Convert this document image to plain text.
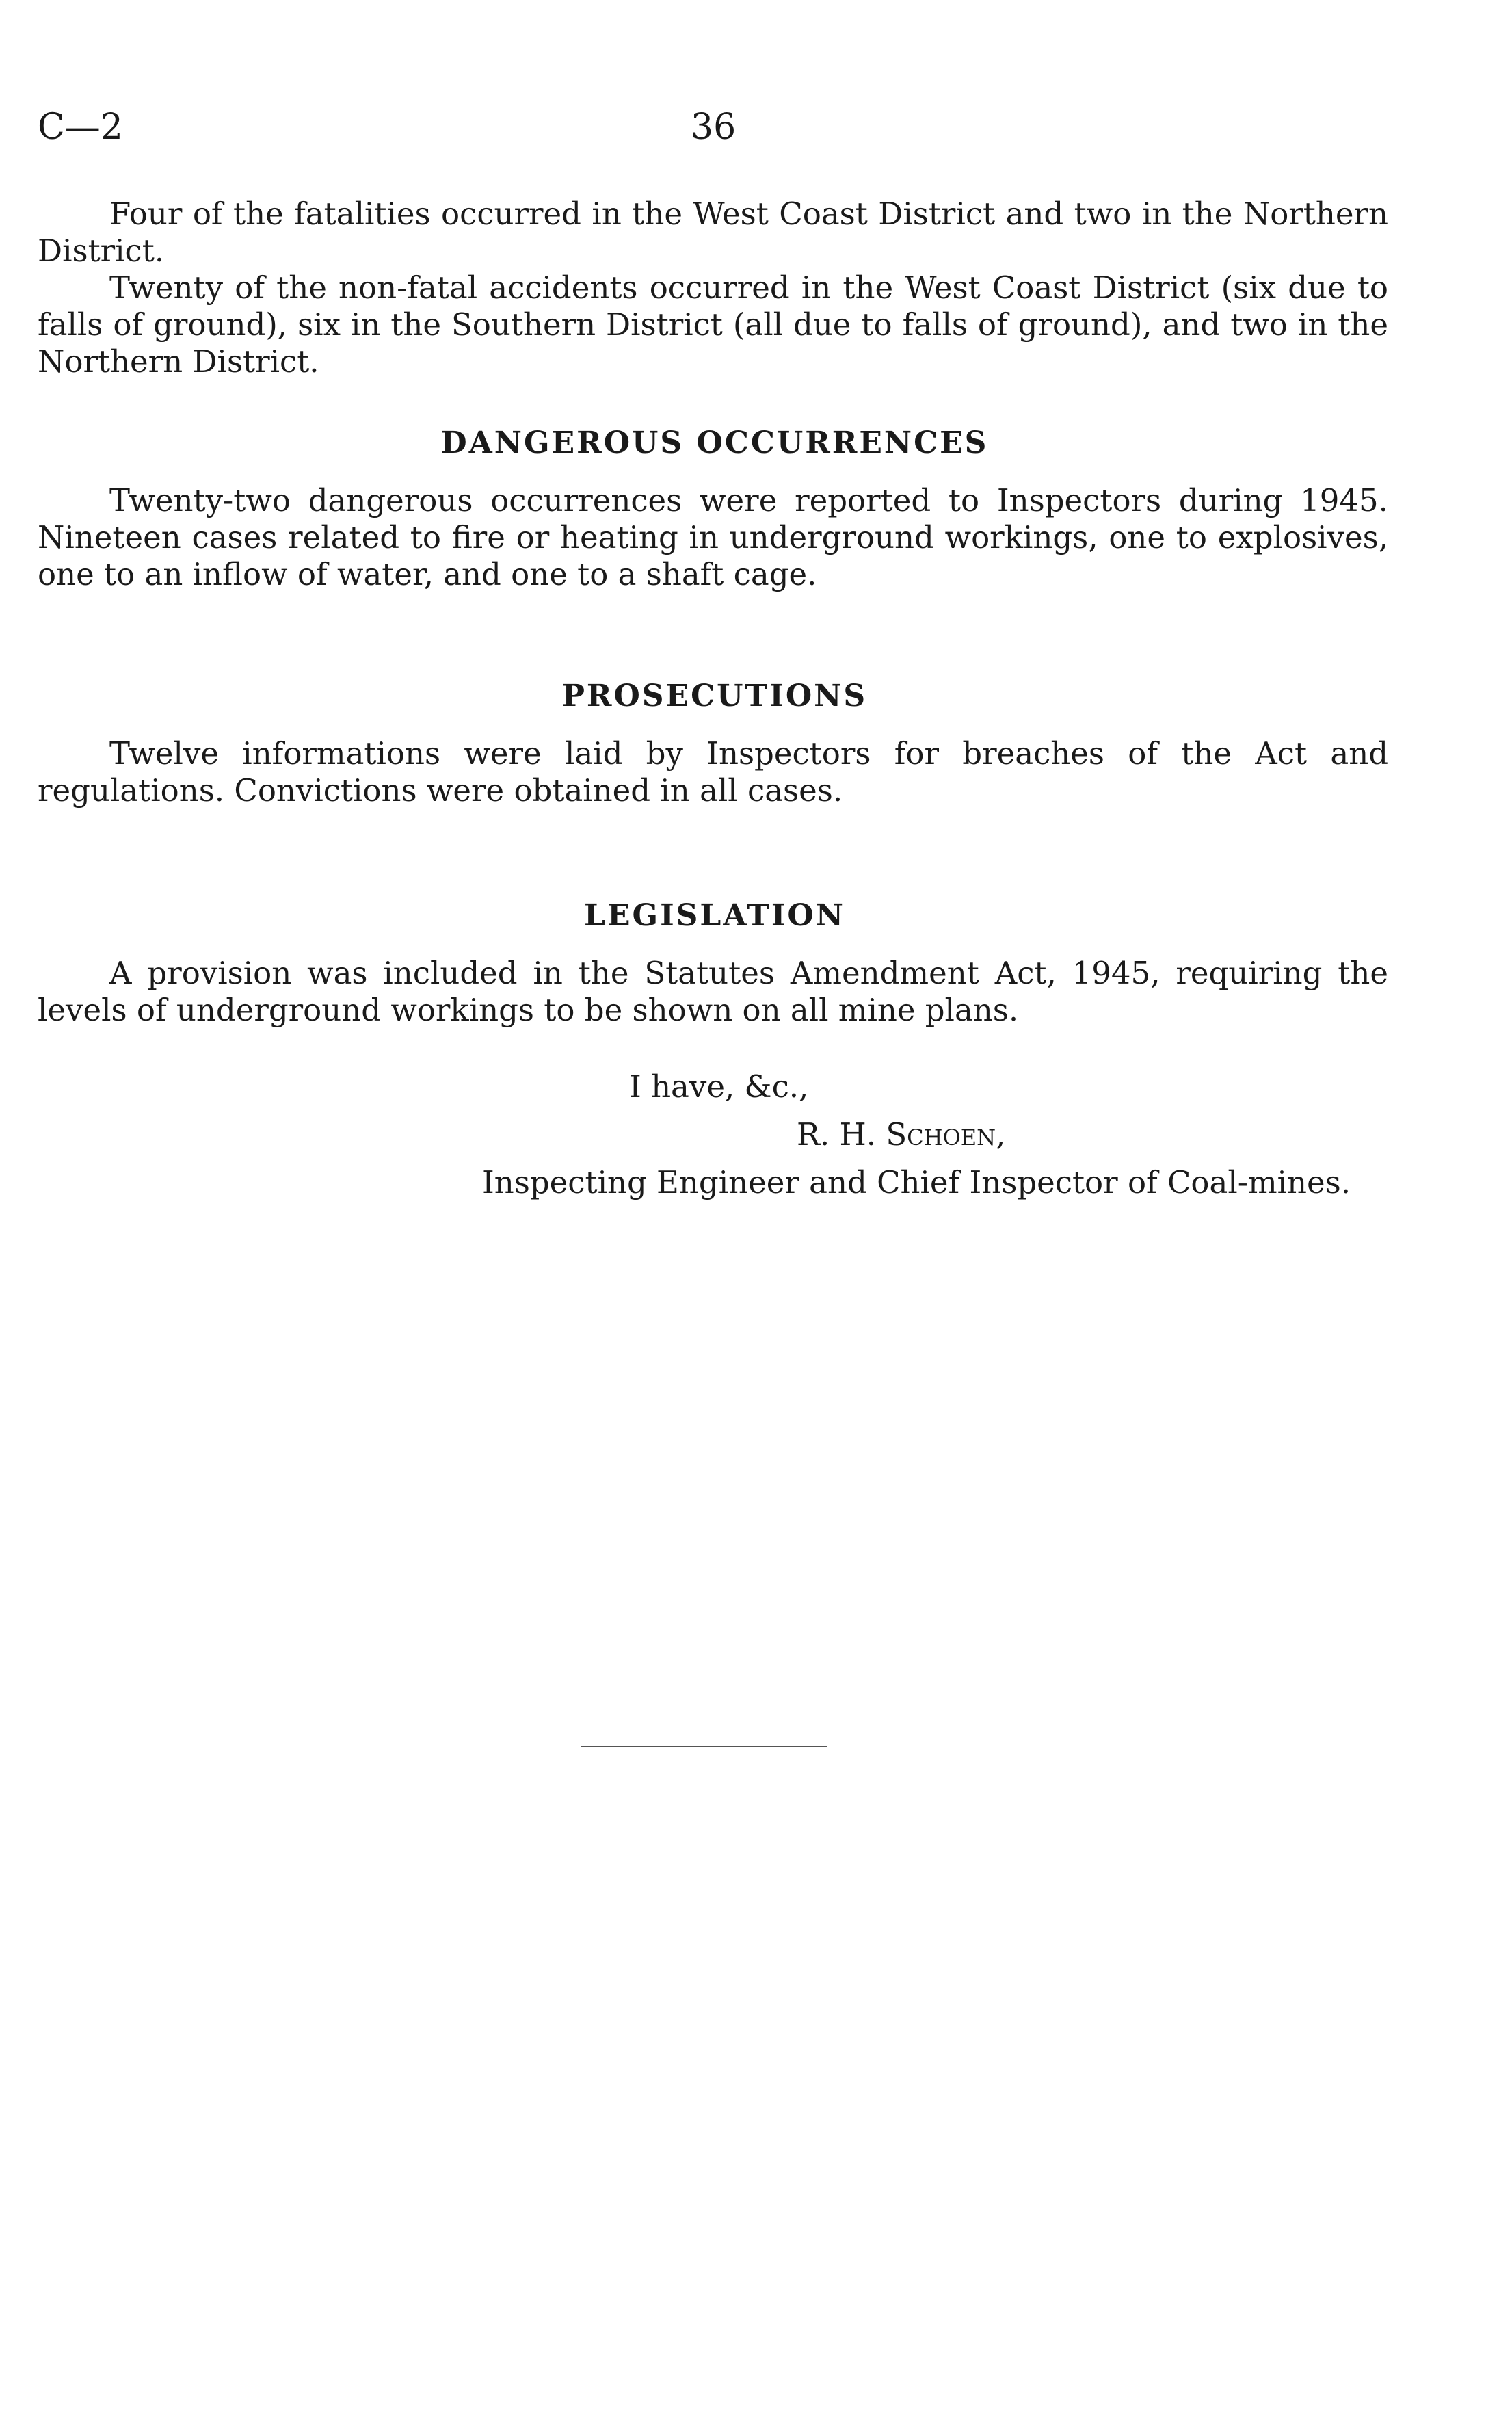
C—2	36

Four of the fatalities occurred in the West Coast District and two in the Northern District.

Twenty of the non-fatal accidents occurred in the West Coast District (six due to falls of ground), six in the Southern District (all due to falls of ground), and two in the Northern District.

DANGEROUS OCCURRENCES

Twenty-two dangerous occurrences were reported to Inspectors during 1945. Nineteen cases related to fire or heating in underground workings, one to explosives, one to an inflow of water, and one to a shaft cage.

PROSECUTIONS

Twelve informations were laid by Inspectors for breaches of the Act and regulations. Convictions were obtained in all cases.

LEGISLATION

A provision was included in the Statutes Amendment Act, 1945, requiring the levels of underground workings to be shown on all mine plans.

I have, &c.,

R. H. Schoen,

Inspecting Engineer and Chief Inspector of Coal-mines.
